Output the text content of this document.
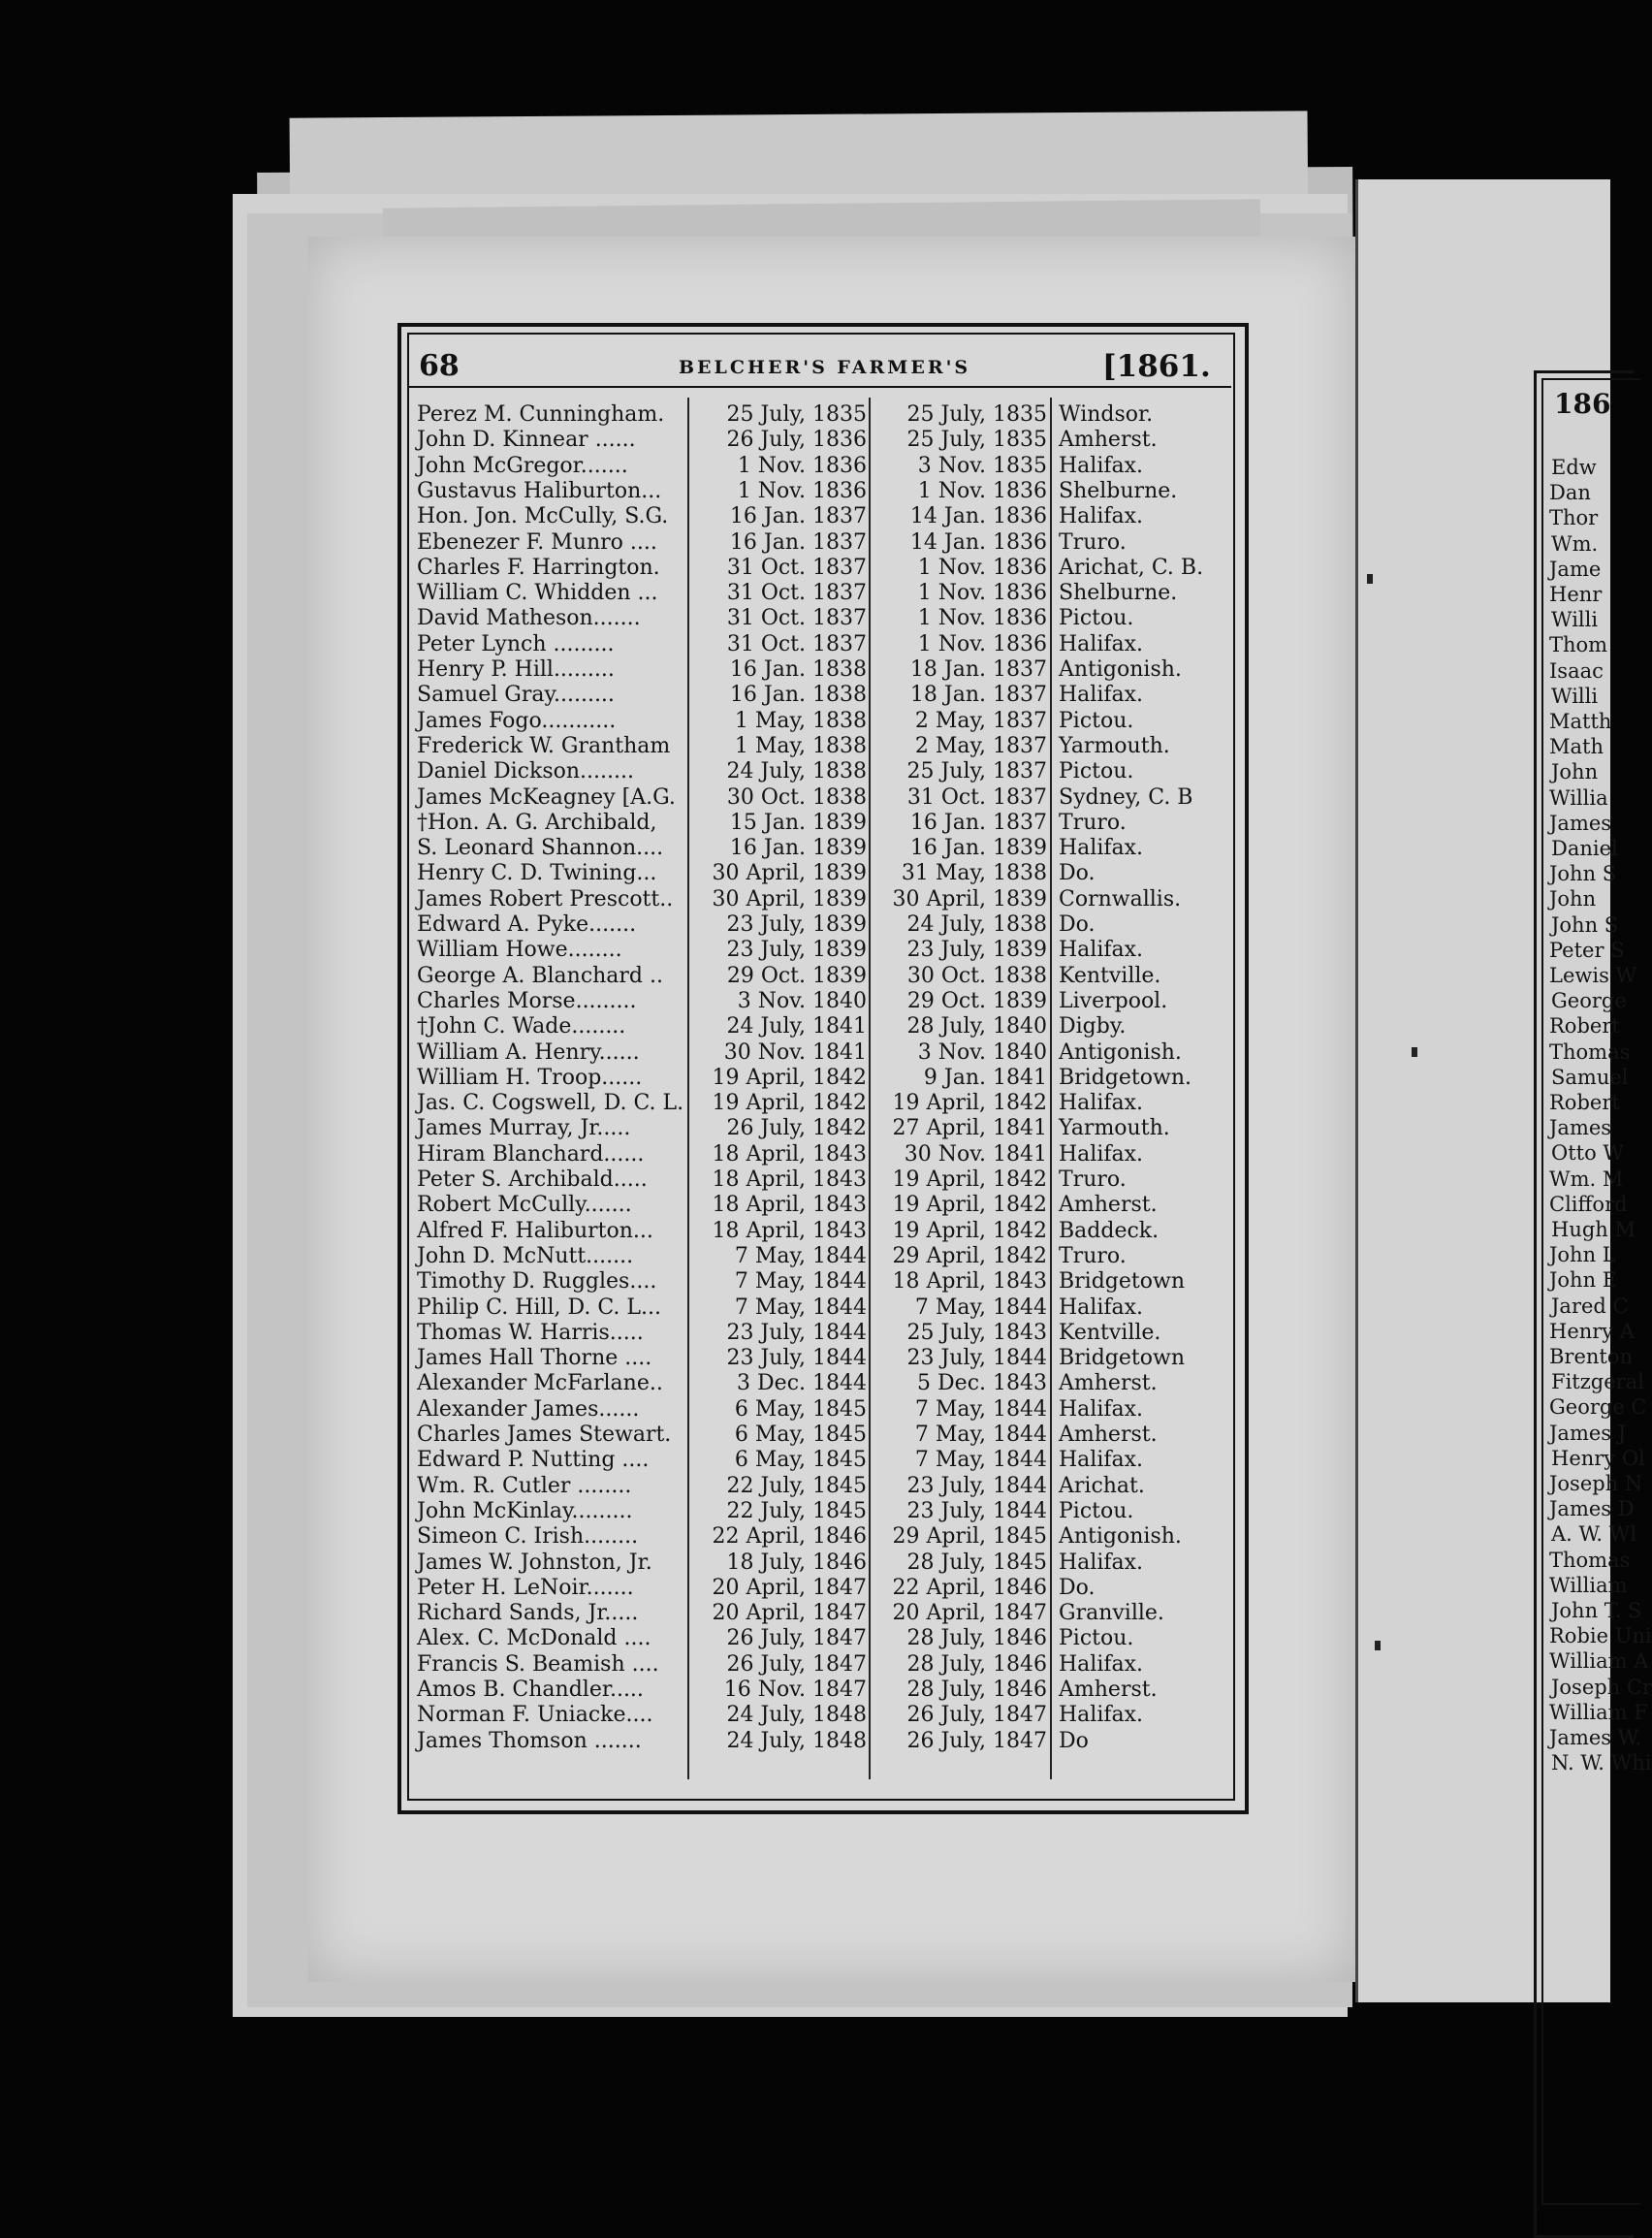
186
Edw
Dan
Thor
Wm.
Jame
Henr
Willi
Thom
Isaac
Willi
Matth
Math
John
Willia
James
Daniel
John S
John
John S
Peter S
Lewis W
George
Robert
Thomas
Samuel
Robert
James
Otto W
Wm. M
Clifford
Hugh M
John L
John E
Jared C
Henry A
Brenton
Fitzgeral
George C
James J
Henry Ol
Joseph N
James D
A. W. Wl
Thomas
William
John T. S
Robie Uni
William A
Joseph Cr
William F
James W.
N. W. Whi
68	BELCHER'S FARMER'S	[1861.
Perez M. Cunningham.	25 July, 1835	25 July, 1835 Windsor.
John D. Kinnear ......	26 July, 1836	25 July, 1835 Amherst.
John McGregor.......	1 Nov. 1836	3 Nov. 1835 Halifax.
Gustavus Haliburton...	1 Nov. 1836	1 Nov. 1836 Shelburne.
Hon. Jon. McCully, S.G.	16 Jan. 1837	14 Jan. 1836 Halifax.
Ebenezer F. Munro ....	16 Jan. 1837	14 Jan. 1836 Truro.
Charles F. Harrington.	31 Oct. 1837	1 Nov. 1836 Arichat, C. B.
William C. Whidden ...	31 Oct. 1837	1 Nov. 1836 Shelburne.
David Matheson.......	31 Oct. 1837	1 Nov. 1836 Pictou.
Peter Lynch .........	31 Oct. 1837	1 Nov. 1836 Halifax.
Henry P. Hill.........	16 Jan. 1838	18 Jan. 1837 Antigonish.
Samuel Gray.........	16 Jan. 1838	18 Jan. 1837 Halifax.
James Fogo...........	1 May, 1838	2 May, 1837 Pictou.
Frederick W. Grantham	1 May, 1838	2 May, 1837 Yarmouth.
Daniel Dickson........	24 July, 1838	25 July, 1837 Pictou.
James McKeagney [A.G.	30 Oct. 1838	31 Oct. 1837 Sydney, C. B
†Hon. A. G. Archibald,	15 Jan. 1839	16 Jan. 1837 Truro.
S. Leonard Shannon....	16 Jan. 1839	16 Jan. 1839 Halifax.
Henry C. D. Twining...	30 April, 1839	31 May, 1838 Do.
James Robert Prescott..	30 April, 1839	30 April, 1839 Cornwallis.
Edward A. Pyke.......	23 July, 1839	24 July, 1838 Do.
William Howe........	23 July, 1839	23 July, 1839 Halifax.
George A. Blanchard ..	29 Oct. 1839	30 Oct. 1838 Kentville.
Charles Morse.........	3 Nov. 1840	29 Oct. 1839 Liverpool.
†John C. Wade........	24 July, 1841	28 July, 1840 Digby.
William A. Henry......	30 Nov. 1841	3 Nov. 1840 Antigonish.
William H. Troop......	19 April, 1842	9 Jan. 1841 Bridgetown.
Jas. C. Cogswell, D. C. L.	19 April, 1842	19 April, 1842 Halifax.
James Murray, Jr.....	26 July, 1842	27 April, 1841 Yarmouth.
Hiram Blanchard......	18 April, 1843	30 Nov. 1841 Halifax.
Peter S. Archibald.....	18 April, 1843	19 April, 1842 Truro.
Robert McCully.......	18 April, 1843	19 April, 1842 Amherst.
Alfred F. Haliburton...	18 April, 1843	19 April, 1842 Baddeck.
John D. McNutt.......	7 May, 1844	29 April, 1842 Truro.
Timothy D. Ruggles....	7 May, 1844	18 April, 1843 Bridgetown
Philip C. Hill, D. C. L...	7 May, 1844	7 May, 1844 Halifax.
Thomas W. Harris.....	23 July, 1844	25 July, 1843 Kentville.
James Hall Thorne ....	23 July, 1844	23 July, 1844 Bridgetown
Alexander McFarlane..	3 Dec. 1844	5 Dec. 1843 Amherst.
Alexander James......	6 May, 1845	7 May, 1844 Halifax.
Charles James Stewart.	6 May, 1845	7 May, 1844 Amherst.
Edward P. Nutting ....	6 May, 1845	7 May, 1844 Halifax.
Wm. R. Cutler ........	22 July, 1845	23 July, 1844 Arichat.
John McKinlay.........	22 July, 1845	23 July, 1844 Pictou.
Simeon C. Irish........	22 April, 1846	29 April, 1845 Antigonish.
James W. Johnston, Jr.	18 July, 1846	28 July, 1845 Halifax.
Peter H. LeNoir.......	20 April, 1847	22 April, 1846 Do.
Richard Sands, Jr.....	20 April, 1847	20 April, 1847 Granville.
Alex. C. McDonald ....	26 July, 1847	28 July, 1846 Pictou.
Francis S. Beamish ....	26 July, 1847	28 July, 1846 Halifax.
Amos B. Chandler.....	16 Nov. 1847	28 July, 1846 Amherst.
Norman F. Uniacke....	24 July, 1848	26 July, 1847 Halifax.
James Thomson .......	24 July, 1848	26 July, 1847 Do
